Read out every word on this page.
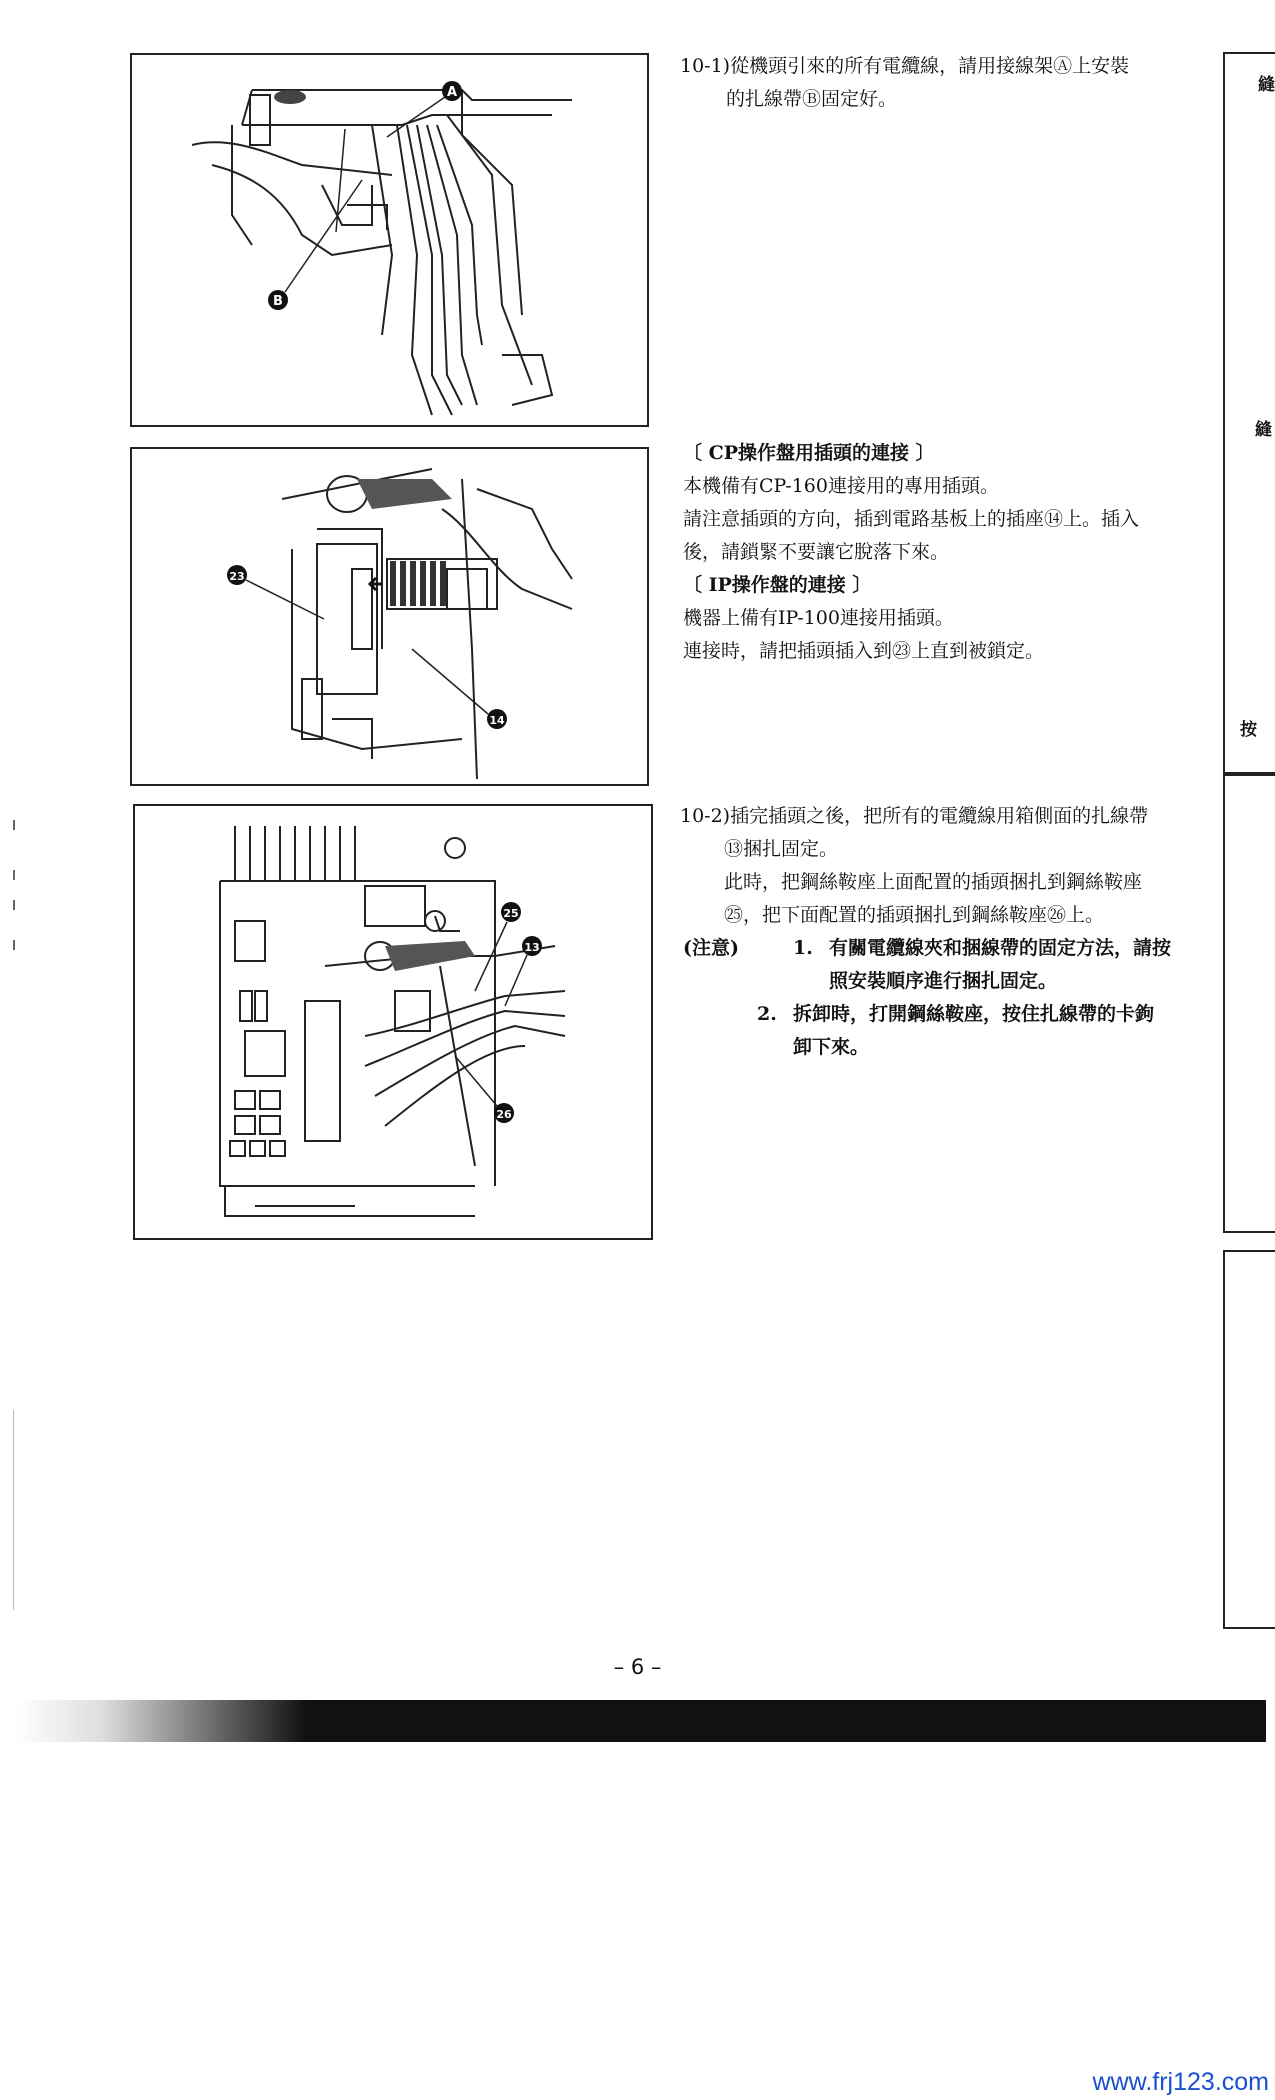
A
B
23
14
25
13
26

10-1)從機頭引來的所有電纜線，請用接線架Ⓐ上安裝

的扎線帶Ⓑ固定好。

〔 CP操作盤用插頭的連接 〕

本機備有CP-160連接用的專用插頭。

請注意插頭的方向，插到電路基板上的插座⑭上。插入

後，請鎖緊不要讓它脫落下來。

〔 IP操作盤的連接 〕

機器上備有IP-100連接用插頭。

連接時，請把插頭插入到㉓上直到被鎖定。

10-2)插完插頭之後，把所有的電纜線用箱側面的扎線帶

⑬捆扎固定。

此時，把鋼絲鞍座上面配置的插頭捆扎到鋼絲鞍座

㉕，把下面配置的插頭捆扎到鋼絲鞍座㉖上。

(注意)	1. 有關電纜線夾和捆線帶的固定方法，請按
照安裝順序進行捆扎固定。
2. 拆卸時，打開鋼絲鞍座，按住扎線帶的卡鉤
卸下來。
縫
縫
按
– 6 –
www.frj123.com
